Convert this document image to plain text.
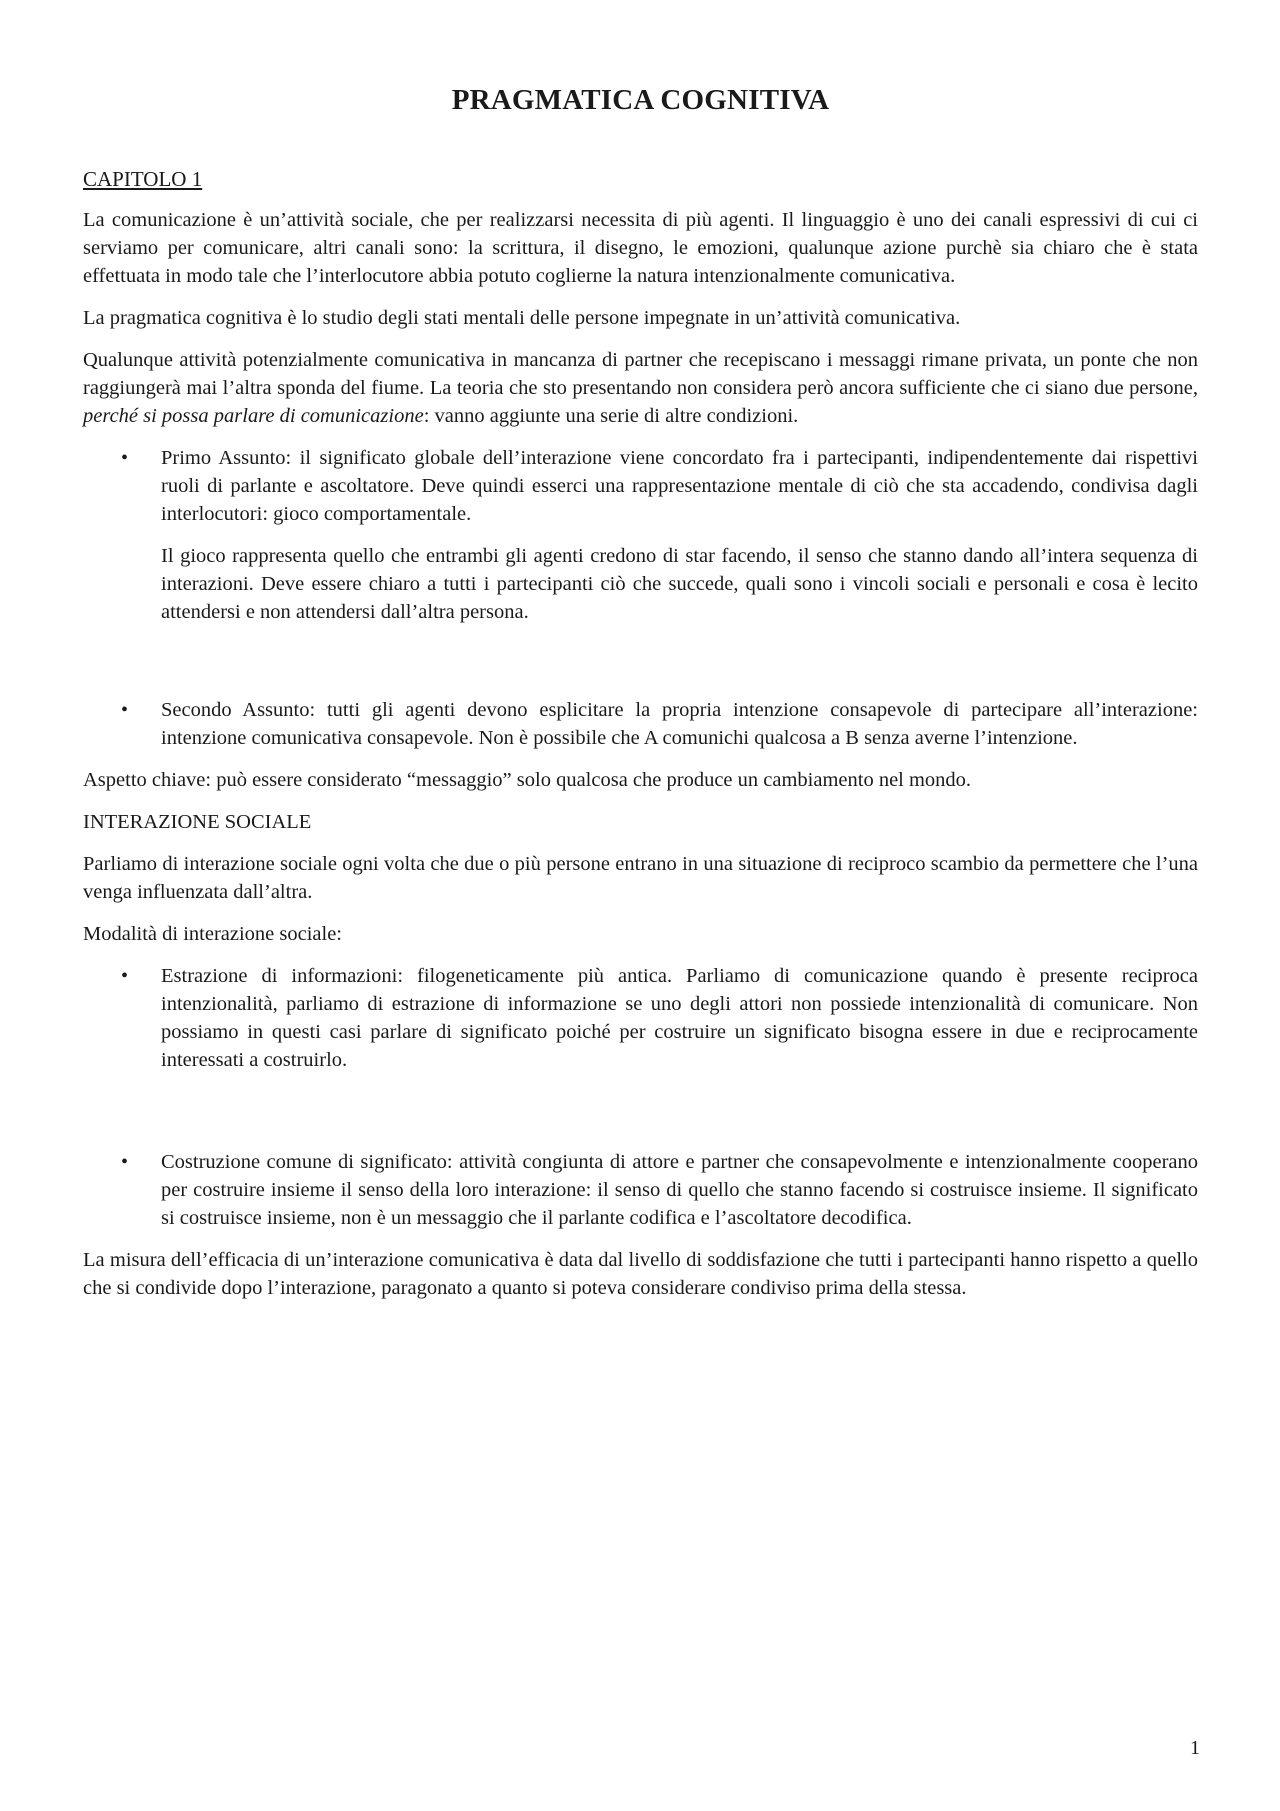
PRAGMATICA COGNITIVA
CAPITOLO 1

La comunicazione è un’attività sociale, che per realizzarsi necessita di più agenti. Il linguaggio è uno dei canali espressivi di cui ci serviamo per comunicare, altri canali sono: la scrittura, il disegno, le emozioni, qualunque azione purchè sia chiaro che è stata effettuata in modo tale che l’interlocutore abbia potuto coglierne la natura intenzionalmente comunicativa.

La pragmatica cognitiva è lo studio degli stati mentali delle persone impegnate in un’attività comunicativa.

Qualunque attività potenzialmente comunicativa in mancanza di partner che recepiscano i messaggi rimane privata, un ponte che non raggiungerà mai l’altra sponda del fiume. La teoria che sto presentando non considera però ancora sufficiente che ci siano due persone, perché si possa parlare di comunicazione: vanno aggiunte una serie di altre condizioni.

• Primo Assunto: il significato globale dell’interazione viene concordato fra i partecipanti, indipendentemente dai rispettivi ruoli di parlante e ascoltatore. Deve quindi esserci una rappresentazione mentale di ciò che sta accadendo, condivisa dagli interlocutori: gioco comportamentale.

Il gioco rappresenta quello che entrambi gli agenti credono di star facendo, il senso che stanno dando all’intera sequenza di interazioni. Deve essere chiaro a tutti i partecipanti ciò che succede, quali sono i vincoli sociali e personali e cosa è lecito attendersi e non attendersi dall’altra persona.

• Secondo Assunto: tutti gli agenti devono esplicitare la propria intenzione consapevole di partecipare all’interazione: intenzione comunicativa consapevole. Non è possibile che A comunichi qualcosa a B senza averne l’intenzione.

Aspetto chiave: può essere considerato “messaggio” solo qualcosa che produce un cambiamento nel mondo.

INTERAZIONE SOCIALE

Parliamo di interazione sociale ogni volta che due o più persone entrano in una situazione di reciproco scambio da permettere che l’una venga influenzata dall’altra.

Modalità di interazione sociale:

• Estrazione di informazioni: filogeneticamente più antica. Parliamo di comunicazione quando è presente reciproca intenzionalità, parliamo di estrazione di informazione se uno degli attori non possiede intenzionalità di comunicare. Non possiamo in questi casi parlare di significato poiché per costruire un significato bisogna essere in due e reciprocamente interessati a costruirlo.

• Costruzione comune di significato: attività congiunta di attore e partner che consapevolmente e intenzionalmente cooperano per costruire insieme il senso della loro interazione: il senso di quello che stanno facendo si costruisce insieme. Il significato si costruisce insieme, non è un messaggio che il parlante codifica e l’ascoltatore decodifica.

La misura dell’efficacia di un’interazione comunicativa è data dal livello di soddisfazione che tutti i partecipanti hanno rispetto a quello che si condivide dopo l’interazione, paragonato a quanto si poteva considerare condiviso prima della stessa.

1
